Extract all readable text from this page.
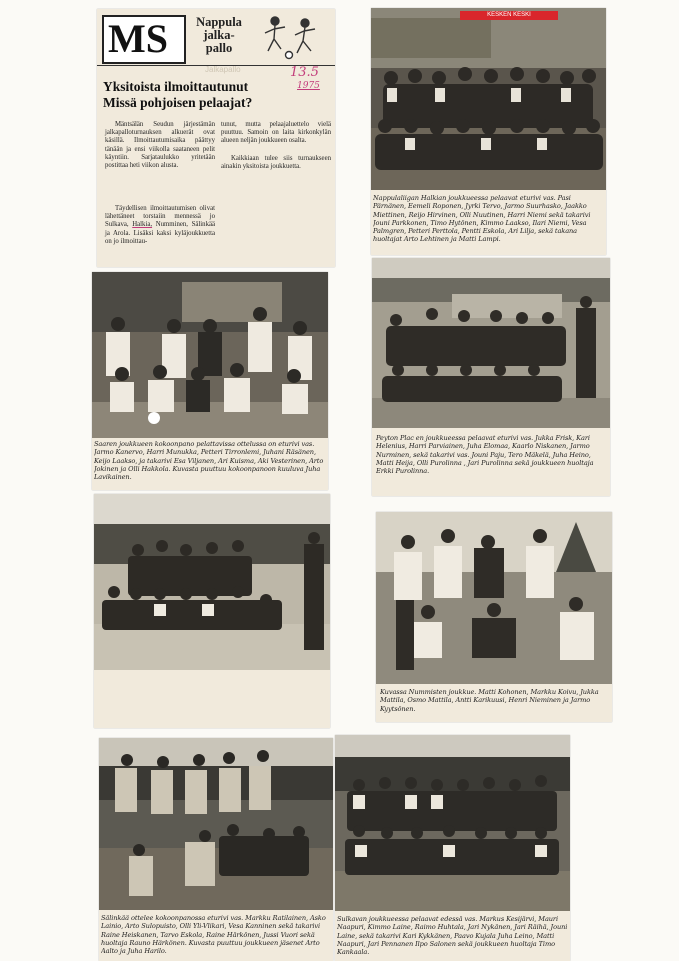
MS	Nappula
jalka-
pallo
Jalkapallo	13.5
1975
Yksitoista ilmoittautunut
Missä pohjoisen pelaajat?
Mäntsälän Seudun järjestämän jalkapalloturnauksen alkuerät ovat käsillä. Ilmoittautumisaika päättyy tänään ja ensi viikolla saataneen pelit käyntiin. Sarjataulukko yritetään postittaa heti viikon alusta.
tunut, mutta pelaajaluettelo vielä puuttuu. Samoin on laita kirkonkylän alueen neljän joukkueen osalta.
Kaikkiaan tulee siis turnaukseen ainakin yksitoista joukkuetta.
Täydellisen ilmoittautumisen olivat lähettäneet torstaiin mennessä jo Sulkava, Halkia, Numminen, Sälinkää ja Arola. Lisäksi kaksi kyläjoukkuetta on jo ilmoittau-
KESKEN KESKI
Nappulaliigan Halkian joukkueessa pelaavat eturivi vas. Pasi Pärnänen, Eemeli Roponen, Jyrki Tervo, Jarmo Suurhasko, Jaakko Miettinen, Reijo Hirvinen, Olli Nuutinen, Harri Niemi sekä takarivi Jouni Parkkonen, Timo Hytönen, Kimmo Laakso, Ilari Niemi, Vesa Palmgren, Petteri Perttola, Pentti Eskola, Ari Lilja, sekä takana huoltajat Arto Lehtinen ja Matti Lampi.
Saaren joukkueen kokoonpano pelattavissa ottelussa on eturivi vas. Jarmo Kanervo, Harri Munukka, Petteri Tirronlemi, Juhani Räsänen, Keijo Laakso, ja takarivi Esa Viljanen, Ari Kuisma, Aki Vesterinen, Arto Jokinen ja Olli Hakkola. Kuvasta puuttuu kokoonpanoon kuuluva Juha Lavikainen.
Peyton Plac en joukkueessa pelaavat eturivi vas. Jukka Frisk, Kari Helenius, Harri Parviainen, Juha Elomaa, Kaarlo Niskanen, Jarmo Nurminen, sekä takarivi vas. Jouni Paju, Tero Mäkelä, Juha Heino, Matti Heija, Olli Purolinna , Jari Purolinna sekä joukkueen huoltaja Erkki Purolinna.
Kuvassa Nummisten joukkue. Matti Kohonen, Markku Koivu, Jukka Mattila, Osmo Mattila, Antti Karikuusi, Henri Nieminen ja Jarmo Kyytsönen.
Sälinkää ottelee kokoonpanossa eturivi vas. Markku Ratilainen, Asko Lainio, Arto Sulopuisto, Olli Yli-Vlikari, Vesa Kanninen sekä takarivi Raine Heiskanen, Tarvo Eskola, Raine Härkönen, Jussi Vuori sekä huoltaja Rauno Härkönen. Kuvasta puuttuu joukkueen jäsenet Arto Aalto ja Juha Harilo.
Sulkavan joukkueessa pelaavat edessä vas. Markus Kesijärvi, Mauri Naapuri, Kimmo Laine, Raimo Huhtala, Jari Nykänen, Jari Räihä, Jouni Laine, sekä takarivi Kari Kykkänen, Paavo Kujala Juha Leino, Matti Naapuri, Jari Pennanen Ilpo Salonen sekä joukkueen huoltaja Timo Kankaala.
